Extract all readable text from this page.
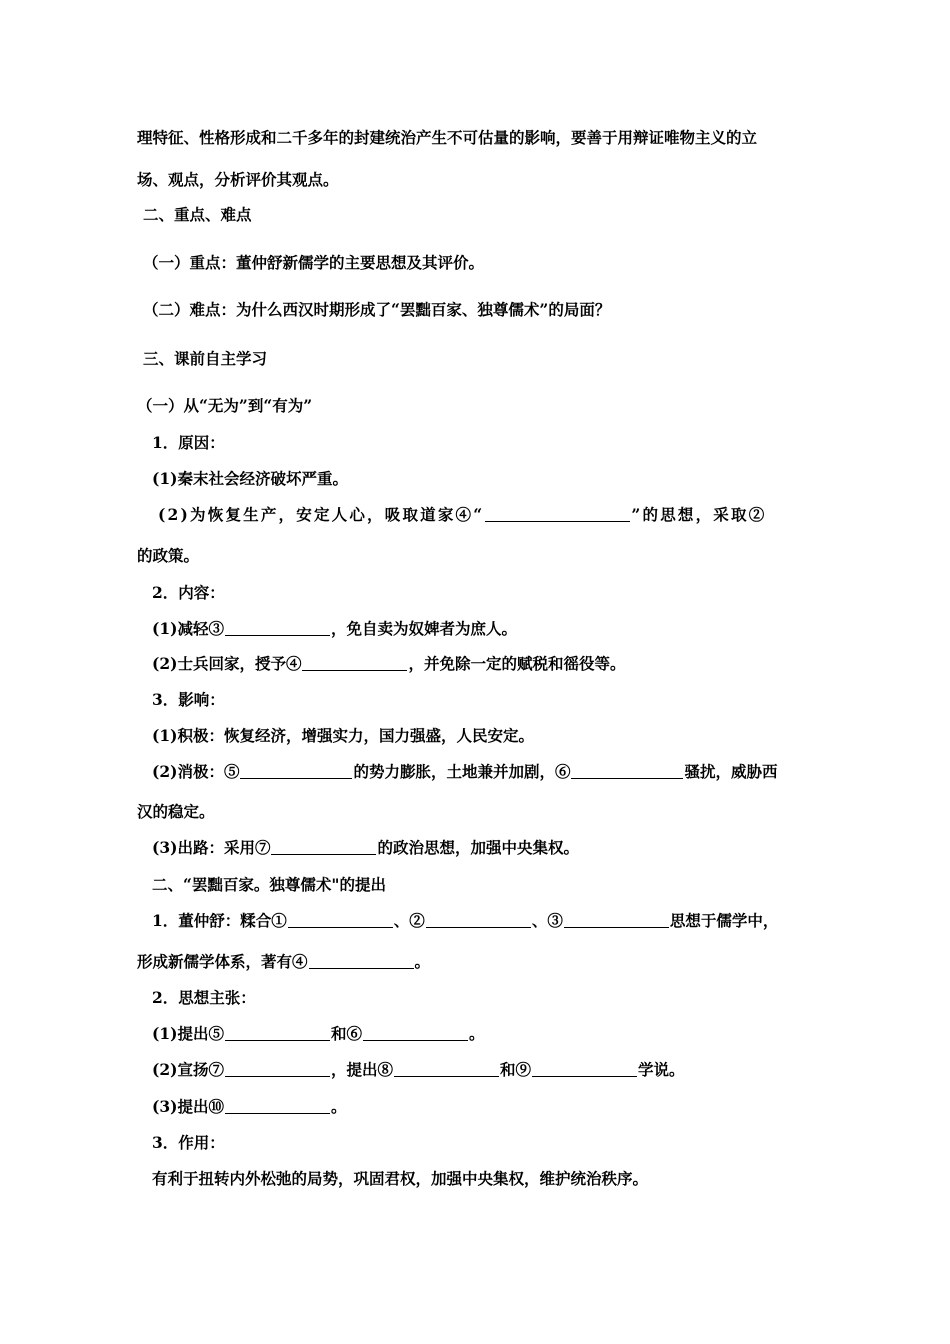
理特征、性格形成和二千多年的封建统治产生不可估量的影响，要善于用辩证唯物主义的立
场、观点，分析评价其观点。
二、重点、难点
（一）重点：董仲舒新儒学的主要思想及其评价。
（二）难点：为什么西汉时期形成了“罢黜百家、独尊儒术”的局面？
三、课前自主学习
（一）从“无为”到“有为”
1．原因：
(1)秦末社会经济破坏严重。
(2)为恢复生产，安定人心，吸取道家④“	”的思想，采取②
的政策。
2．内容：
(1)减轻③	，免自卖为奴婢者为庶人。
(2)士兵回家，授予④	，并免除一定的赋税和徭役等。
3．影响：
(1)积极：恢复经济，增强实力，国力强盛，人民安定。
(2)消极：⑤	的势力膨胀，土地兼并加剧，⑥	骚扰，威胁西
汉的稳定。
(3)出路：采用⑦	的政治思想，加强中央集权。
二、“罢黜百家。独尊儒术"的提出
1．董仲舒：糅合①	、②	、③	思想于儒学中，
形成新儒学体系，著有④	。
2．思想主张：
(1)提出⑤	和⑥	。
(2)宣扬⑦	，提出⑧	和⑨	学说。
(3)提出⑩	。
3．作用：
有利于扭转内外松弛的局势，巩固君权，加强中央集权，维护统治秩序。
